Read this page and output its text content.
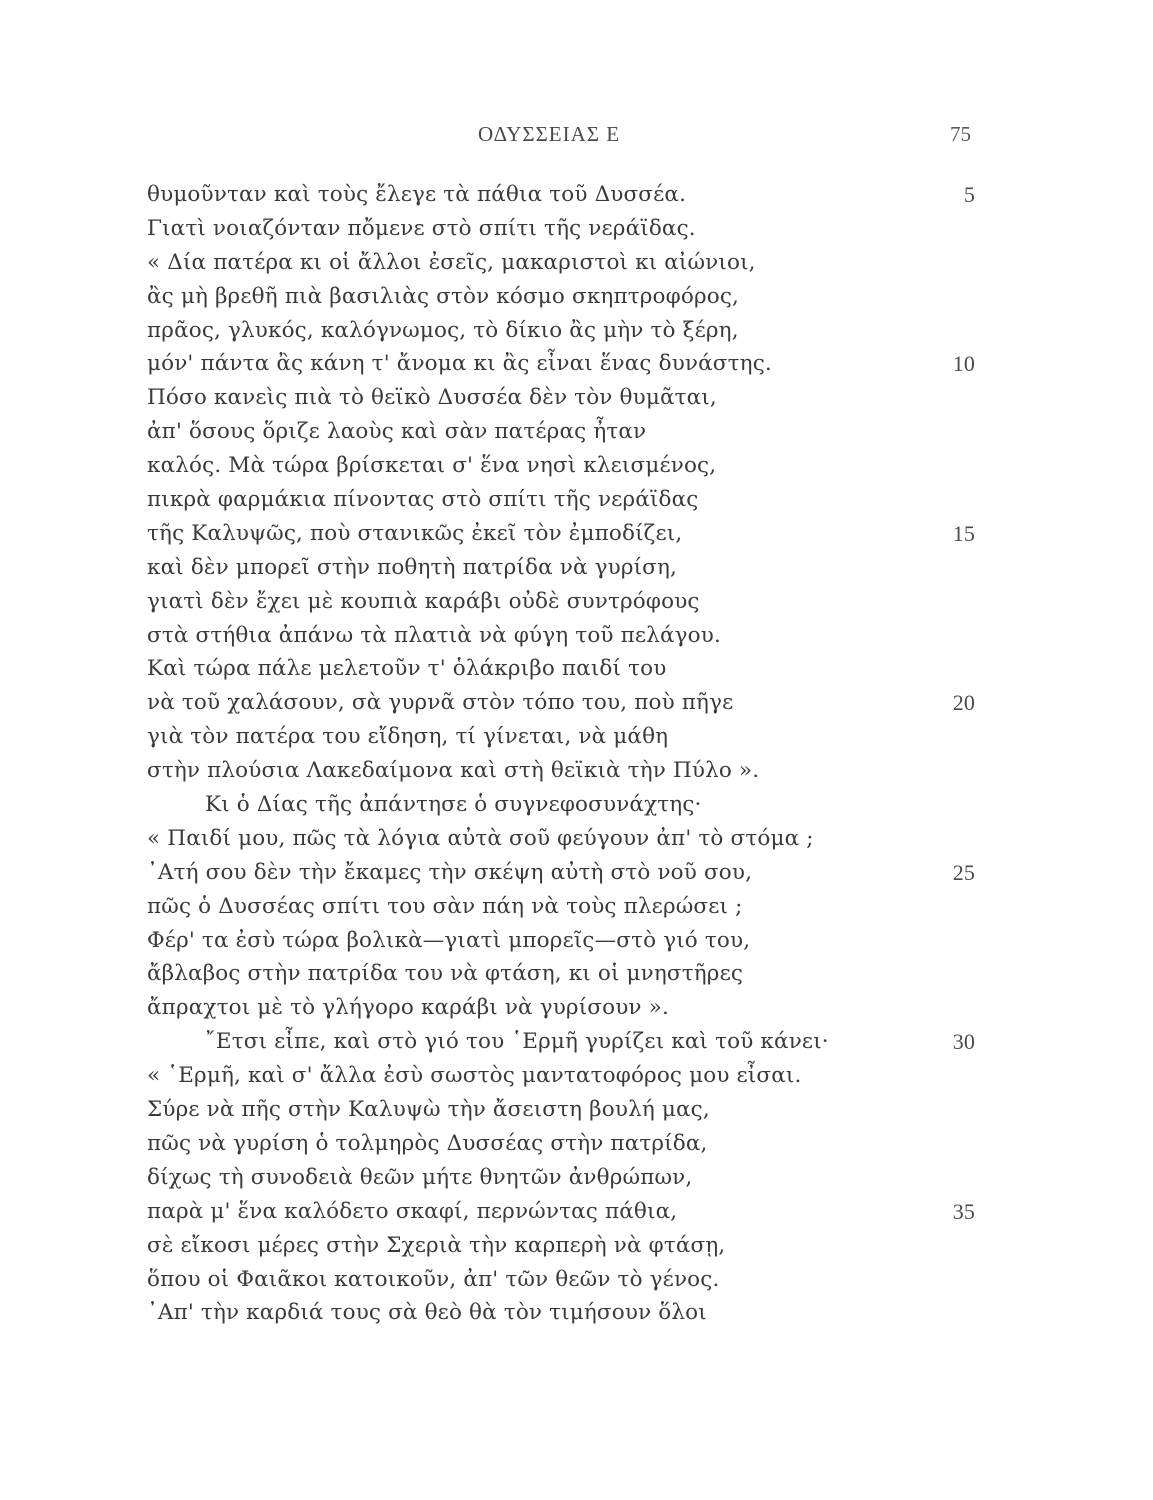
ΟΔΥΣΣΕΙΑΣ Ε	75
θυμοῦνταν καὶ τοὺς ἔλεγε τὰ πάθια τοῦ Δυσσέα.	5
Γιατὶ νοιαζόνταν πὄμενε στὸ σπίτι τῆς νεράϊδας.
« Δία πατέρα κι οἱ ἄλλοι ἐσεῖς, μακαριστοὶ κι αἰώνιοι,
ἂς μὴ βρεθῆ πιὰ βασιλιὰς στὸν κόσμο σκηπτροφόρος,
πρᾶος, γλυκός, καλόγνωμος, τὸ δίκιο ἂς μὴν τὸ ξέρη,
μόν' πάντα ἂς κάνη τ' ἄνομα κι ἂς εἶναι ἕνας δυνάστης.	10
Πόσο κανεὶς πιὰ τὸ θεϊκὸ Δυσσέα δὲν τὸν θυμᾶται,
ἀπ' ὅσους ὅριζε λαοὺς καὶ σὰν πατέρας ἦταν
καλός. Μὰ τώρα βρίσκεται σ' ἕνα νησὶ κλεισμένος,
πικρὰ φαρμάκια πίνοντας στὸ σπίτι τῆς νεράϊδας
τῆς Καλυψῶς, ποὺ στανικῶς ἐκεῖ τὸν ἐμποδίζει,	15
καὶ δὲν μπορεῖ στὴν ποθητὴ πατρίδα νὰ γυρίση,
γιατὶ δὲν ἔχει μὲ κουπιὰ καράβι οὐδὲ συντρόφους
στὰ στήθια ἀπάνω τὰ πλατιὰ νὰ φύγη τοῦ πελάγου.
Καὶ τώρα πάλε μελετοῦν τ' ὁλάκριβο παιδί του
νὰ τοῦ χαλάσουν, σὰ γυρνᾶ στὸν τόπο του, ποὺ πῆγε	20
γιὰ τὸν πατέρα του εἴδηση, τί γίνεται, νὰ μάθη
στὴν πλούσια Λακεδαίμονα καὶ στὴ θεϊκιὰ τὴν Πύλο ».
Κι ὁ Δίας τῆς ἀπάντησε ὁ συγνεφοσυνάχτης·
« Παιδί μου, πῶς τὰ λόγια αὐτὰ σοῦ φεύγουν ἀπ' τὸ στόμα ;
᾿Ατή σου δὲν τὴν ἔκαμες τὴν σκέψη αὐτὴ στὸ νοῦ σου,	25
πῶς ὁ Δυσσέας σπίτι του σὰν πάη νὰ τοὺς πλερώσει ;
Φέρ' τα ἐσὺ τώρα βολικὰ—γιατὶ μπορεῖς—στὸ γιό του,
ἄβλαβος στὴν πατρίδα του νὰ φτάση, κι οἱ μνηστῆρες
ἄπραχτοι μὲ τὸ γλήγορο καράβι νὰ γυρίσουν ».
῎Ετσι εἶπε, καὶ στὸ γιό του ῾Ερμῆ γυρίζει καὶ τοῦ κάνει·	30
« ῾Ερμῆ, καὶ σ' ἄλλα ἐσὺ σωστὸς μαντατοφόρος μου εἶσαι.
Σύρε νὰ πῆς στὴν Καλυψὼ τὴν ἄσειστη βουλή μας,
πῶς νὰ γυρίση ὁ τολμηρὸς Δυσσέας στὴν πατρίδα,
δίχως τὴ συνοδειὰ θεῶν μήτε θνητῶν ἀνθρώπων,
παρὰ μ' ἕνα καλόδετο σκαφί, περνώντας πάθια,	35
σὲ εἴκοσι μέρες στὴν Σχεριὰ τὴν καρπερὴ νὰ φτάσῃ,
ὅπου οἱ Φαιᾶκοι κατοικοῦν, ἀπ' τῶν θεῶν τὸ γένος.
᾿Απ' τὴν καρδιά τους σὰ θεὸ θὰ τὸν τιμήσουν ὅλοι
